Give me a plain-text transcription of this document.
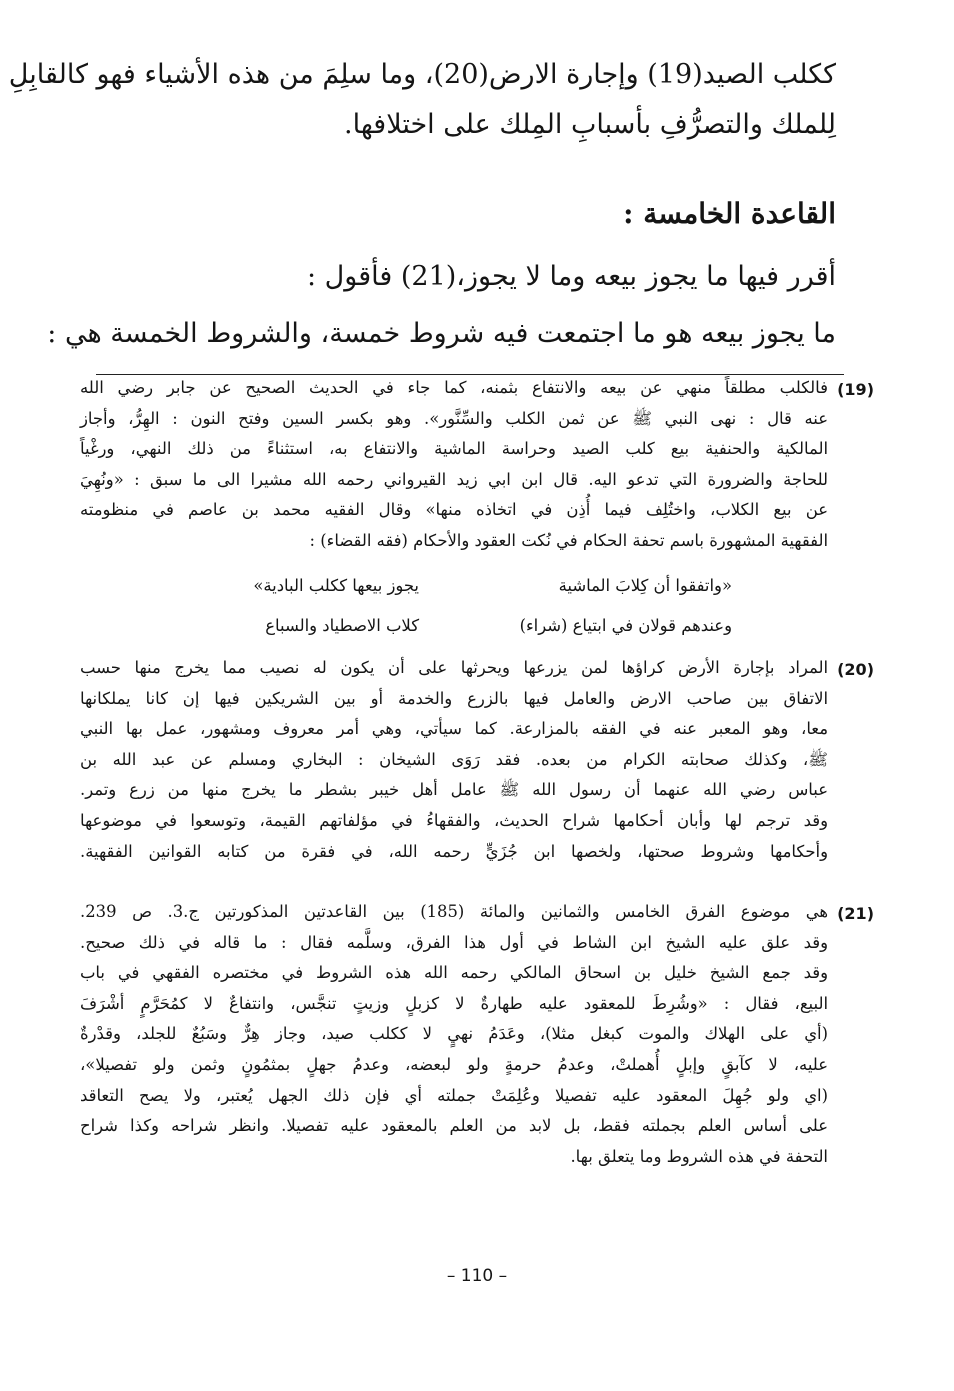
ككلب الصيد(19) وإجارة الارض(20)، وما سلِمَ من هذه الأشياء فهو كالقابِلِ
لِلملك والتصرُّفِ بأسبابِ المِلك على اختلافها.
القاعدة الخامسة :
أقرر فيها ما يجوز بيعه وما لا يجوز،(21) فأقول :
ما يجوز بيعه هو ما اجتمعت فيه شروط خمسة، والشروط الخمسة هي :
(19)
فالكلب مطلقاً منهي عن بيعه والانتفاع بثمنه، كما جاء في الحديث الصحيح عن جابر رضي الله
عنه قال : نهى النبي ﷺ عن ثمن الكلب والسِّنَّور». وهو بكسر السين وفتح النون : الهِرُّ، وأجاز
المالكية والحنفية بيع كلب الصيد وحراسة الماشية والانتفاع به، استثناءً من ذلك النهي، ورغْياً
للحاجة والضرورة التي تدعو اليه. قال ابن ابي زيد القيرواني رحمه الله مشيرا الى ما سبق : «ونُهِيَ
عن بيع الكلاب، واختُلِف فيما أُذِن في اتخاذه منها» وقال الفقيه محمد بن عاصم في منظومته
الفقهية المشهورة باسم تحفة الحكام في نُكت العقود والأحكام (فقه القضاء) :
«واتفقوا أن كِلابَ الماشية
يجوز بيعها ككلب البادية»
وعندهم قولان في ابتياع (شراء)
كلاب الاصطياد والسباع
(20)
المراد بإجارة الأرض كراؤها لمن يزرعها ويحرثها على أن يكون له نصيب مما يخرج منها حسب
الاتفاق بين صاحب الارض والعامل فيها بالزرع والخدمة أو بين الشريكين فيها إن كانا يملكانها
معا، وهو المعبر عنه في الفقه بالمزارعة. كما سيأتي، وهي أمر معروف ومشهور، عمل بها النبي
ﷺ، وكذلك صحابته الكرام من بعده. فقد رَوَى الشيخان : البخاري ومسلم عن عبد الله بن
عباس رضي الله عنهما أن رسول الله ﷺ عامل أهل خيبر بشطر ما يخرج منها من زرع وتمر.
وقد ترجم لها وأبان أحكامها شراح الحديث، والفقهاءُ في مؤلفاتهم القيمة، وتوسعوا في موضوعها
وأحكامها وشروط صحتها، ولخصها ابن جُزَيٍّ رحمه الله، في فقرة من كتابه القوانين الفقهية.
(21)
هي موضوع الفرق الخامس والثمانين والمائة (185) بين القاعدتين المذكورتين ج.3. ص 239.
وقد علق عليه الشيخ ابن الشاط في أول هذا الفرق، وسلَّمه فقال : ما قاله في ذلك صحيح.
وقد جمع الشيخ خليل بن اسحاق المالكي رحمه الله هذه الشروط في مختصره الفقهي في باب
البيع، فقال : «وشُرِطَ للمعقود عليه طهارةٌ لا كزبلٍ وزيتٍ تنجَّس، وانتفاعٌ لا كمُحَرَّمٍ أشْرَفَ
(أي على الهلاك والموت كبغل مثلا)، وعَدَمُ نهيٍ لا ككلب صيد، وجاز هِرٌّ وسَبُعٌ للجلد، وقدْرةٌ
عليه، لا كآبقٍ وإبلٍ أُهملتْ، وعدمُ حرمةٍ ولو لبعضه، وعدمُ جهلٍ بمثمُونٍ وثمن ولو تفصيلا»،
(اي ولو جُهِلَ المعقود عليه تفصيلا وعُلِمَتْ جملته أي فإن ذلك الجهل يُعتبر، ولا يصح التعاقد
على أساس العلم بجملته فقط، بل لابد من العلم بالمعقود عليه تفصيلا. وانظر شراحه وكذا شراح
التحفة في هذه الشروط وما يتعلق بها.
– 110 –
